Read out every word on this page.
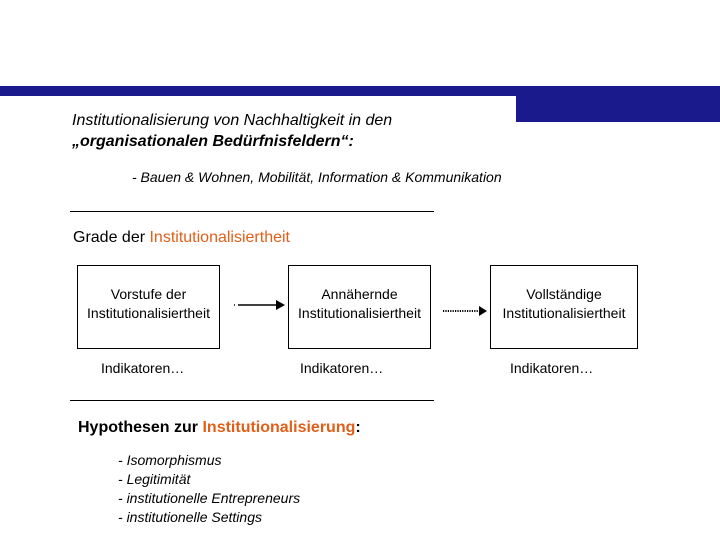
Institutionalisierung von Nachhaltigkeit in den
„organisationalen Bedürfnisfeldern“:
- Bauen & Wohnen, Mobilität, Information & Kommunikation
Grade der Institutionalisiertheit
Vorstufe der
Institutionalisiertheit
Annähernde
Institutionalisiertheit
Vollständige
Institutionalisiertheit
Indikatoren…	Indikatoren…	Indikatoren…
Hypothesen zur Institutionalisierung:
- Isomorphismus
- Legitimität
- institutionelle Entrepreneurs
- institutionelle Settings
